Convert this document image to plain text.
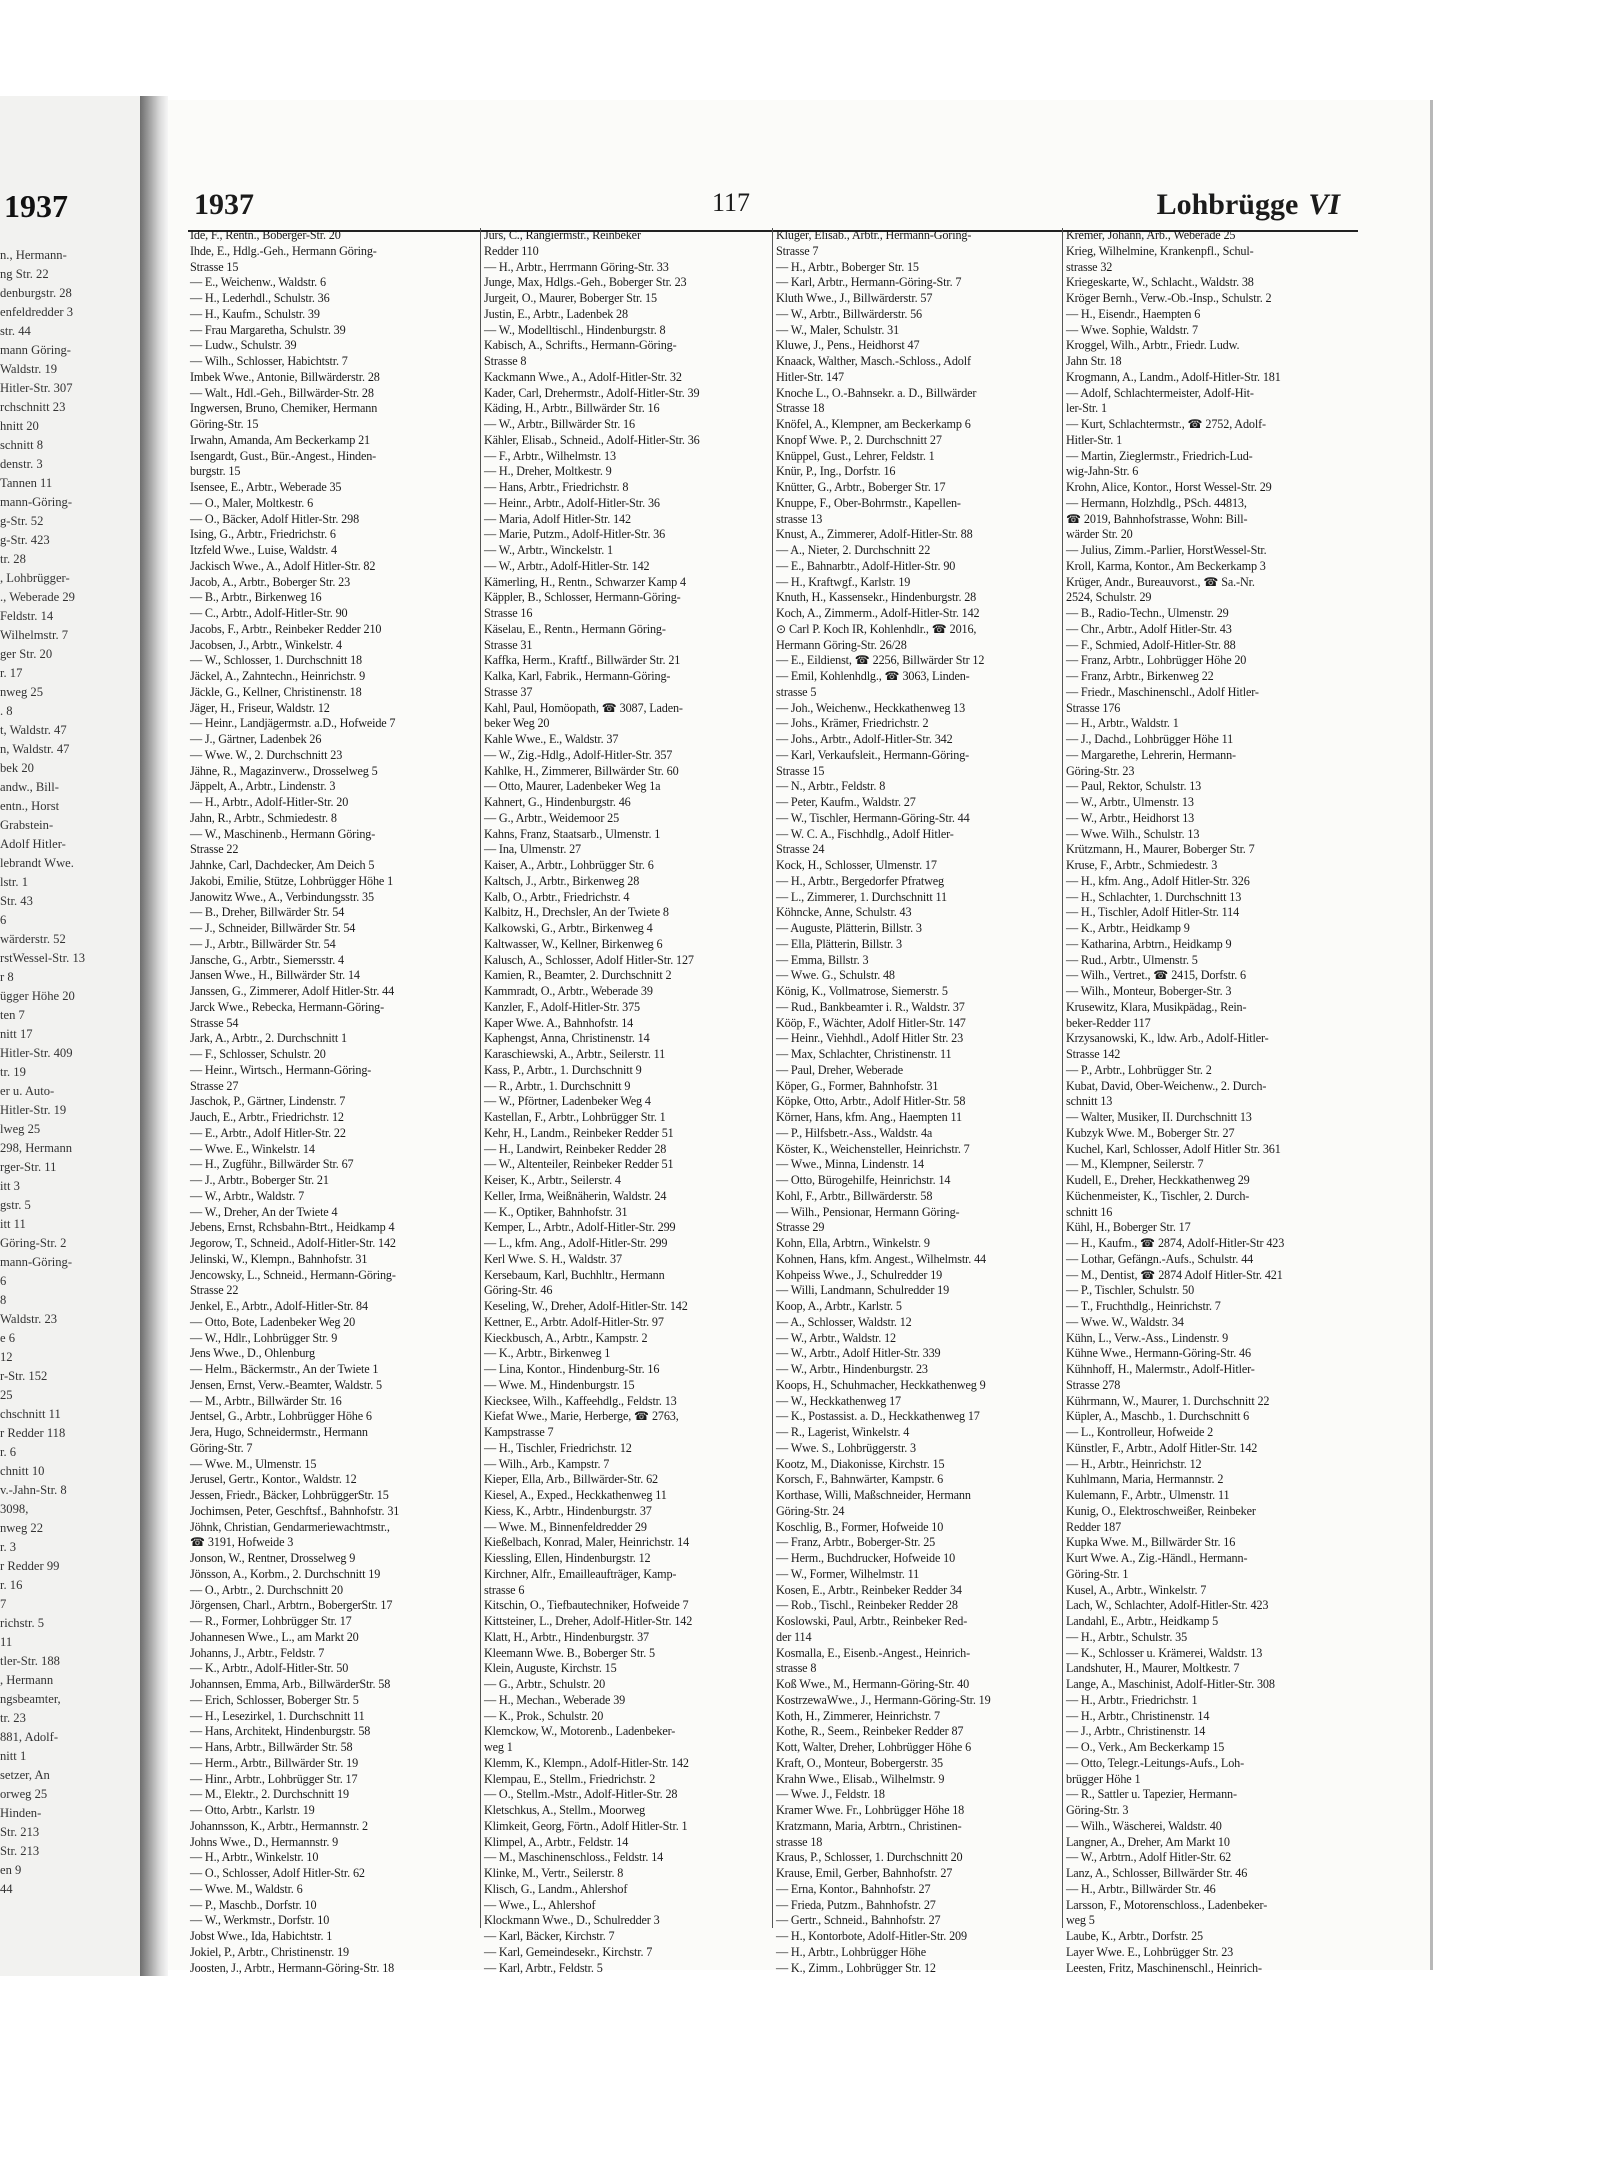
1937
n., Hermann-
ng Str. 22
denburgstr. 28
enfeldredder 3
str. 44
mann Göring-
Waldstr. 19
Hitler-Str. 307
rchschnitt 23
hnitt 20
schnitt 8
denstr. 3
Tannen 11
mann-Göring-
g-Str. 52
g-Str. 423
tr. 28
, Lohbrügger-
., Weberade 29
Feldstr. 14
Wilhelmstr. 7
ger Str. 20
r. 17
nweg 25
. 8
t, Waldstr. 47
n, Waldstr. 47
bek 20
andw., Bill-
entn., Horst
Grabstein-
Adolf Hitler-
lebrandt Wwe.
lstr. 1
Str. 43
6
wärderstr. 52
rstWessel-Str. 13
r 8
ügger Höhe 20
ten 7
nitt 17
Hitler-Str. 409
tr. 19
er u. Auto-
Hitler-Str. 19
lweg 25
298, Hermann
rger-Str. 11
itt 3
gstr. 5
itt 11
Göring-Str. 2
mann-Göring-
6
8
Waldstr. 23
e 6
12
r-Str. 152
25
chschnitt 11
r Redder 118
r. 6
chnitt 10
v.-Jahn-Str. 8
3098,
nweg 22
r. 3
r Redder 99
r. 16
7
richstr. 5
11
tler-Str. 188
, Hermann
ngsbeamter,
tr. 23
881, Adolf-
nitt 1
setzer, An
orweg 25
Hinden-
Str. 213
Str. 213
en 9
44
1937	117	Lohbrügge VI
Ide, F., Rentn., Boberger-Str. 20
Ihde, E., Hdlg.-Geh., Hermann Göring-
Strasse 15
— E., Weichenw., Waldstr. 6
— H., Lederhdl., Schulstr. 36
— H., Kaufm., Schulstr. 39
— Frau Margaretha, Schulstr. 39
— Ludw., Schulstr. 39
— Wilh., Schlosser, Habichtstr. 7
Imbek Wwe., Antonie, Billwärderstr. 28
— Walt., Hdl.-Geh., Billwärder-Str. 28
Ingwersen, Bruno, Chemiker, Hermann
Göring-Str. 15
Irwahn, Amanda, Am Beckerkamp 21
Isengardt, Gust., Bür.-Angest., Hinden-
burgstr. 15
Isensee, E., Arbtr., Weberade 35
— O., Maler, Moltkestr. 6
— O., Bäcker, Adolf Hitler-Str. 298
Ising, G., Arbtr., Friedrichstr. 6
Itzfeld Wwe., Luise, Waldstr. 4
Jackisch Wwe., A., Adolf Hitler-Str. 82
Jacob, A., Arbtr., Boberger Str. 23
— B., Arbtr., Birkenweg 16
— C., Arbtr., Adolf-Hitler-Str. 90
Jacobs, F., Arbtr., Reinbeker Redder 210
Jacobsen, J., Arbtr., Winkelstr. 4
— W., Schlosser, 1. Durchschnitt 18
Jäckel, A., Zahntechn., Heinrichstr. 9
Jäckle, G., Kellner, Christinenstr. 18
Jäger, H., Friseur, Waldstr. 12
— Heinr., Landjägermstr. a.D., Hofweide 7
— J., Gärtner, Ladenbek 26
— Wwe. W., 2. Durchschnitt 23
Jähne, R., Magazinverw., Drosselweg 5
Jäppelt, A., Arbtr., Lindenstr. 3
— H., Arbtr., Adolf-Hitler-Str. 20
Jahn, R., Arbtr., Schmiedestr. 8
— W., Maschinenb., Hermann Göring-
Strasse 22
Jahnke, Carl, Dachdecker, Am Deich 5
Jakobi, Emilie, Stütze, Lohbrügger Höhe 1
Janowitz Wwe., A., Verbindungsstr. 35
— B., Dreher, Billwärder Str. 54
— J., Schneider, Billwärder Str. 54
— J., Arbtr., Billwärder Str. 54
Jansche, G., Arbtr., Siemersstr. 4
Jansen Wwe., H., Billwärder Str. 14
Janssen, G., Zimmerer, Adolf Hitler-Str. 44
Jarck Wwe., Rebecka, Hermann-Göring-
Strasse 54
Jark, A., Arbtr., 2. Durchschnitt 1
— F., Schlosser, Schulstr. 20
— Heinr., Wirtsch., Hermann-Göring-
Strasse 27
Jaschok, P., Gärtner, Lindenstr. 7
Jauch, E., Arbtr., Friedrichstr. 12
— E., Arbtr., Adolf Hitler-Str. 22
— Wwe. E., Winkelstr. 14
— H., Zugführ., Billwärder Str. 67
— J., Arbtr., Boberger Str. 21
— W., Arbtr., Waldstr. 7
— W., Dreher, An der Twiete 4
Jebens, Ernst, Rchsbahn-Btrt., Heidkamp 4
Jegorow, T., Schneid., Adolf-Hitler-Str. 142
Jelinski, W., Klempn., Bahnhofstr. 31
Jencowsky, L., Schneid., Hermann-Göring-
Strasse 22
Jenkel, E., Arbtr., Adolf-Hitler-Str. 84
— Otto, Bote, Ladenbeker Weg 20
— W., Hdlr., Lohbrügger Str. 9
Jens Wwe., D., Ohlenburg
— Helm., Bäckermstr., An der Twiete 1
Jensen, Ernst, Verw.-Beamter, Waldstr. 5
— M., Arbtr., Billwärder Str. 16
Jentsel, G., Arbtr., Lohbrügger Höhe 6
Jera, Hugo, Schneidermstr., Hermann
Göring-Str. 7
— Wwe. M., Ulmenstr. 15
Jerusel, Gertr., Kontor., Waldstr. 12
Jessen, Friedr., Bäcker, LohbrüggerStr. 15
Jochimsen, Peter, Geschftsf., Bahnhofstr. 31
Jöhnk, Christian, Gendarmeriewachtmstr.,
☎ 3191, Hofweide 3
Jonson, W., Rentner, Drosselweg 9
Jönsson, A., Korbm., 2. Durchschnitt 19
— O., Arbtr., 2. Durchschnitt 20
Jörgensen, Charl., Arbtrn., BobergerStr. 17
— R., Former, Lohbrügger Str. 17
Johannesen Wwe., L., am Markt 20
Johanns, J., Arbtr., Feldstr. 7
— K., Arbtr., Adolf-Hitler-Str. 50
Johannsen, Emma, Arb., BillwärderStr. 58
— Erich, Schlosser, Boberger Str. 5
— H., Lesezirkel, 1. Durchschnitt 11
— Hans, Architekt, Hindenburgstr. 58
— Hans, Arbtr., Billwärder Str. 58
— Herm., Arbtr., Billwärder Str. 19
— Hinr., Arbtr., Lohbrügger Str. 17
— M., Elektr., 2. Durchschnitt 19
— Otto, Arbtr., Karlstr. 19
Johannsson, K., Arbtr., Hermannstr. 2
Johns Wwe., D., Hermannstr. 9
— H., Arbtr., Winkelstr. 10
— O., Schlosser, Adolf Hitler-Str. 62
— Wwe. M., Waldstr. 6
— P., Maschb., Dorfstr. 10
— W., Werkmstr., Dorfstr. 10
Jobst Wwe., Ida, Habichtstr. 1
Jokiel, P., Arbtr., Christinenstr. 19
Joosten, J., Arbtr., Hermann-Göring-Str. 18
Jürs, C., Rangiermstr., Reinbeker
Redder 110
— H., Arbtr., Herrmann Göring-Str. 33
Junge, Max, Hdlgs.-Geh., Boberger Str. 23
Jurgeit, O., Maurer, Boberger Str. 15
Justin, E., Arbtr., Ladenbek 28
— W., Modelltischl., Hindenburgstr. 8
Kabisch, A., Schrifts., Hermann-Göring-
Strasse 8
Kackmann Wwe., A., Adolf-Hitler-Str. 32
Kader, Carl, Drehermstr., Adolf-Hitler-Str. 39
Käding, H., Arbtr., Billwärder Str. 16
— W., Arbtr., Billwärder Str. 16
Kähler, Elisab., Schneid., Adolf-Hitler-Str. 36
— F., Arbtr., Wilhelmstr. 13
— H., Dreher, Moltkestr. 9
— Hans, Arbtr., Friedrichstr. 8
— Heinr., Arbtr., Adolf-Hitler-Str. 36
— Maria, Adolf Hitler-Str. 142
— Marie, Putzm., Adolf-Hitler-Str. 36
— W., Arbtr., Winckelstr. 1
— W., Arbtr., Adolf-Hitler-Str. 142
Kämerling, H., Rentn., Schwarzer Kamp 4
Käppler, B., Schlosser, Hermann-Göring-
Strasse 16
Käselau, E., Rentn., Hermann Göring-
Strasse 31
Kaffka, Herm., Kraftf., Billwärder Str. 21
Kalka, Karl, Fabrik., Hermann-Göring-
Strasse 37
Kahl, Paul, Homöopath, ☎ 3087, Laden-
beker Weg 20
Kahle Wwe., E., Waldstr. 37
— W., Zig.-Hdlg., Adolf-Hitler-Str. 357
Kahlke, H., Zimmerer, Billwärder Str. 60
— Otto, Maurer, Ladenbeker Weg 1a
Kahnert, G., Hindenburgstr. 46
— G., Arbtr., Weidemoor 25
Kahns, Franz, Staatsarb., Ulmenstr. 1
— Ina, Ulmenstr. 27
Kaiser, A., Arbtr., Lohbrügger Str. 6
Kaltsch, J., Arbtr., Birkenweg 28
Kalb, O., Arbtr., Friedrichstr. 4
Kalbitz, H., Drechsler, An der Twiete 8
Kalkowski, G., Arbtr., Birkenweg 4
Kaltwasser, W., Kellner, Birkenweg 6
Kalusch, A., Schlosser, Adolf Hitler-Str. 127
Kamien, R., Beamter, 2. Durchschnitt 2
Kammradt, O., Arbtr., Weberade 39
Kanzler, F., Adolf-Hitler-Str. 375
Kaper Wwe. A., Bahnhofstr. 14
Kaphengst, Anna, Christinenstr. 14
Karaschiewski, A., Arbtr., Seilerstr. 11
Kass, P., Arbtr., 1. Durchschnitt 9
— R., Arbtr., 1. Durchschnitt 9
— W., Pförtner, Ladenbeker Weg 4
Kastellan, F., Arbtr., Lohbrügger Str. 1
Kehr, H., Landm., Reinbeker Redder 51
— H., Landwirt, Reinbeker Redder 28
— W., Altenteiler, Reinbeker Redder 51
Keiser, K., Arbtr., Seilerstr. 4
Keller, Irma, Weißnäherin, Waldstr. 24
— K., Optiker, Bahnhofstr. 31
Kemper, L., Arbtr., Adolf-Hitler-Str. 299
— L., kfm. Ang., Adolf-Hitler-Str. 299
Kerl Wwe. S. H., Waldstr. 37
Kersebaum, Karl, Buchhltr., Hermann
Göring-Str. 46
Keseling, W., Dreher, Adolf-Hitler-Str. 142
Kettner, E., Arbtr. Adolf-Hitler-Str. 97
Kieckbusch, A., Arbtr., Kampstr. 2
— K., Arbtr., Birkenweg 1
— Lina, Kontor., Hindenburg-Str. 16
— Wwe. M., Hindenburgstr. 15
Kiecksee, Wilh., Kaffeehdlg., Feldstr. 13
Kiefat Wwe., Marie, Herberge, ☎ 2763,
Kampstrasse 7
— H., Tischler, Friedrichstr. 12
— Wilh., Arb., Kampstr. 7
Kieper, Ella, Arb., Billwärder-Str. 62
Kiesel, A., Exped., Heckkathenweg 11
Kiess, K., Arbtr., Hindenburgstr. 37
— Wwe. M., Binnenfeldredder 29
Kießelbach, Konrad, Maler, Heinrichstr. 14
Kiessling, Ellen, Hindenburgstr. 12
Kirchner, Alfr., Emailleaufträger, Kamp-
strasse 6
Kitschin, O., Tiefbautechniker, Hofweide 7
Kittsteiner, L., Dreher, Adolf-Hitler-Str. 142
Klatt, H., Arbtr., Hindenburgstr. 37
Kleemann Wwe. B., Boberger Str. 5
Klein, Auguste, Kirchstr. 15
— G., Arbtr., Schulstr. 20
— H., Mechan., Weberade 39
— K., Prok., Schulstr. 20
Klemckow, W., Motorenb., Ladenbeker-
weg 1
Klemm, K., Klempn., Adolf-Hitler-Str. 142
Klempau, E., Stellm., Friedrichstr. 2
— O., Stellm.-Mstr., Adolf-Hitler-Str. 28
Kletschkus, A., Stellm., Moorweg
Klimkeit, Georg, Förtn., Adolf Hitler-Str. 1
Klimpel, A., Arbtr., Feldstr. 14
— M., Maschinenschloss., Feldstr. 14
Klinke, M., Vertr., Seilerstr. 8
Klisch, G., Landm., Ahlershof
— Wwe., L., Ahlershof
Klockmann Wwe., D., Schulredder 3
— Karl, Bäcker, Kirchstr. 7
— Karl, Gemeindesekr., Kirchstr. 7
— Karl, Arbtr., Feldstr. 5
Kluger, Elisab., Arbtr., Hermann-Göring-
Strasse 7
— H., Arbtr., Boberger Str. 15
— Karl, Arbtr., Hermann-Göring-Str. 7
Kluth Wwe., J., Billwärderstr. 57
— W., Arbtr., Billwärderstr. 56
— W., Maler, Schulstr. 31
Kluwe, J., Pens., Heidhorst 47
Knaack, Walther, Masch.-Schloss., Adolf
Hitler-Str. 147
Knoche L., O.-Bahnsekr. a. D., Billwärder
Strasse 18
Knöfel, A., Klempner, am Beckerkamp 6
Knopf Wwe. P., 2. Durchschnitt 27
Knüppel, Gust., Lehrer, Feldstr. 1
Knür, P., Ing., Dorfstr. 16
Knütter, G., Arbtr., Boberger Str. 17
Knuppe, F., Ober-Bohrmstr., Kapellen-
strasse 13
Knust, A., Zimmerer, Adolf-Hitler-Str. 88
— A., Nieter, 2. Durchschnitt 22
— E., Bahnarbtr., Adolf-Hitler-Str. 90
— H., Kraftwgf., Karlstr. 19
Knuth, H., Kassensekr., Hindenburgstr. 28
Koch, A., Zimmerm., Adolf-Hitler-Str. 142
⊙ Carl P. Koch IR, Kohlenhdlr., ☎ 2016,
Hermann Göring-Str. 26/28
— E., Eildienst, ☎ 2256, Billwärder Str 12
— Emil, Kohlenhdlg., ☎ 3063, Linden-
strasse 5
— Joh., Weichenw., Heckkathenweg 13
— Johs., Krämer, Friedrichstr. 2
— Johs., Arbtr., Adolf-Hitler-Str. 342
— Karl, Verkaufsleit., Hermann-Göring-
Strasse 15
— N., Arbtr., Feldstr. 8
— Peter, Kaufm., Waldstr. 27
— W., Tischler, Hermann-Göring-Str. 44
— W. C. A., Fischhdlg., Adolf Hitler-
Strasse 24
Kock, H., Schlosser, Ulmenstr. 17
— H., Arbtr., Bergedorfer Pfratweg
— L., Zimmerer, 1. Durchschnitt 11
Köhncke, Anne, Schulstr. 43
— Auguste, Plätterin, Billstr. 3
— Ella, Plätterin, Billstr. 3
— Emma, Billstr. 3
— Wwe. G., Schulstr. 48
König, K., Vollmatrose, Siemerstr. 5
— Rud., Bankbeamter i. R., Waldstr. 37
Kööp, F., Wächter, Adolf Hitler-Str. 147
— Heinr., Viehhdl., Adolf Hitler Str. 23
— Max, Schlachter, Christinenstr. 11
— Paul, Dreher, Weberade
Köper, G., Former, Bahnhofstr. 31
Köpke, Otto, Arbtr., Adolf Hitler-Str. 58
Körner, Hans, kfm. Ang., Haempten 11
— P., Hilfsbetr.-Ass., Waldstr. 4a
Köster, K., Weichensteller, Heinrichstr. 7
— Wwe., Minna, Lindenstr. 14
— Otto, Bürogehilfe, Heinrichstr. 14
Kohl, F., Arbtr., Billwärderstr. 58
— Wilh., Pensionar, Hermann Göring-
Strasse 29
Kohn, Ella, Arbtrn., Winkelstr. 9
Kohnen, Hans, kfm. Angest., Wilhelmstr. 44
Kohpeiss Wwe., J., Schulredder 19
— Willi, Landmann, Schulredder 19
Koop, A., Arbtr., Karlstr. 5
— A., Schlosser, Waldstr. 12
— W., Arbtr., Waldstr. 12
— W., Arbtr., Adolf Hitler-Str. 339
— W., Arbtr., Hindenburgstr. 23
Koops, H., Schuhmacher, Heckkathenweg 9
— W., Heckkathenweg 17
— K., Postassist. a. D., Heckkathenweg 17
— R., Lagerist, Winkelstr. 4
— Wwe. S., Lohbrüggerstr. 3
Kootz, M., Diakonisse, Kirchstr. 15
Korsch, F., Bahnwärter, Kampstr. 6
Korthase, Willi, Maßschneider, Hermann
Göring-Str. 24
Koschlig, B., Former, Hofweide 10
— Franz, Arbtr., Boberger-Str. 25
— Herm., Buchdrucker, Hofweide 10
— W., Former, Wilhelmstr. 11
Kosen, E., Arbtr., Reinbeker Redder 34
— Rob., Tischl., Reinbeker Redder 28
Koslowski, Paul, Arbtr., Reinbeker Red-
der 114
Kosmalla, E., Eisenb.-Angest., Heinrich-
strasse 8
Koß Wwe., M., Hermann-Göring-Str. 40
KostrzewaWwe., J., Hermann-Göring-Str. 19
Koth, H., Zimmerer, Heinrichstr. 7
Kothe, R., Seem., Reinbeker Redder 87
Kott, Walter, Dreher, Lohbrügger Höhe 6
Kraft, O., Monteur, Bobergerstr. 35
Krahn Wwe., Elisab., Wilhelmstr. 9
— Wwe. J., Feldstr. 18
Kramer Wwe. Fr., Lohbrügger Höhe 18
Kratzmann, Maria, Arbtrn., Christinen-
strasse 18
Kraus, P., Schlosser, 1. Durchschnitt 20
Krause, Emil, Gerber, Bahnhofstr. 27
— Erna, Kontor., Bahnhofstr. 27
— Frieda, Putzm., Bahnhofstr. 27
— Gertr., Schneid., Bahnhofstr. 27
— H., Kontorbote, Adolf-Hitler-Str. 209
— H., Arbtr., Lohbrügger Höhe
— K., Zimm., Lohbrügger Str. 12
Kremer, Johann, Arb., Weberade 25
Krieg, Wilhelmine, Krankenpfl., Schul-
strasse 32
Kriegeskarte, W., Schlacht., Waldstr. 38
Kröger Bernh., Verw.-Ob.-Insp., Schulstr. 2
— H., Eisendr., Haempten 6
— Wwe. Sophie, Waldstr. 7
Kroggel, Wilh., Arbtr., Friedr. Ludw.
Jahn Str. 18
Krogmann, A., Landm., Adolf-Hitler-Str. 181
— Adolf, Schlachtermeister, Adolf-Hit-
ler-Str. 1
— Kurt, Schlachtermstr., ☎ 2752, Adolf-
Hitler-Str. 1
— Martin, Zieglermstr., Friedrich-Lud-
wig-Jahn-Str. 6
Krohn, Alice, Kontor., Horst Wessel-Str. 29
— Hermann, Holzhdlg., PSch. 44813,
☎ 2019, Bahnhofstrasse, Wohn: Bill-
wärder Str. 20
— Julius, Zimm.-Parlier, HorstWessel-Str.
Kroll, Karma, Kontor., Am Beckerkamp 3
Krüger, Andr., Bureauvorst., ☎ Sa.-Nr.
2524, Schulstr. 29
— B., Radio-Techn., Ulmenstr. 29
— Chr., Arbtr., Adolf Hitler-Str. 43
— F., Schmied, Adolf-Hitler-Str. 88
— Franz, Arbtr., Lohbrügger Höhe 20
— Franz, Arbtr., Birkenweg 22
— Friedr., Maschinenschl., Adolf Hitler-
Strasse 176
— H., Arbtr., Waldstr. 1
— J., Dachd., Lohbrügger Höhe 11
— Margarethe, Lehrerin, Hermann-
Göring-Str. 23
— Paul, Rektor, Schulstr. 13
— W., Arbtr., Ulmenstr. 13
— W., Arbtr., Heidhorst 13
— Wwe. Wilh., Schulstr. 13
Krützmann, H., Maurer, Boberger Str. 7
Kruse, F., Arbtr., Schmiedestr. 3
— H., kfm. Ang., Adolf Hitler-Str. 326
— H., Schlachter, 1. Durchschnitt 13
— H., Tischler, Adolf Hitler-Str. 114
— K., Arbtr., Heidkamp 9
— Katharina, Arbtrn., Heidkamp 9
— Rud., Arbtr., Ulmenstr. 5
— Wilh., Vertret., ☎ 2415, Dorfstr. 6
— Wilh., Monteur, Boberger-Str. 3
Krusewitz, Klara, Musikpädag., Rein-
beker-Redder 117
Krzysanowski, K., ldw. Arb., Adolf-Hitler-
Strasse 142
— P., Arbtr., Lohbrügger Str. 2
Kubat, David, Ober-Weichenw., 2. Durch-
schnitt 13
— Walter, Musiker, II. Durchschnitt 13
Kubzyk Wwe. M., Boberger Str. 27
Kuchel, Karl, Schlosser, Adolf Hitler Str. 361
— M., Klempner, Seilerstr. 7
Kudell, E., Dreher, Heckkathenweg 29
Küchenmeister, K., Tischler, 2. Durch-
schnitt 16
Kühl, H., Boberger Str. 17
— H., Kaufm., ☎ 2874, Adolf-Hitler-Str 423
— Lothar, Gefängn.-Aufs., Schulstr. 44
— M., Dentist, ☎ 2874 Adolf Hitler-Str. 421
— P., Tischler, Schulstr. 50
— T., Fruchthdlg., Heinrichstr. 7
— Wwe. W., Waldstr. 34
Kühn, L., Verw.-Ass., Lindenstr. 9
Kühne Wwe., Hermann-Göring-Str. 46
Kühnhoff, H., Malermstr., Adolf-Hitler-
Strasse 278
Kührmann, W., Maurer, 1. Durchschnitt 22
Küpler, A., Maschb., 1. Durchschnitt 6
— L., Kontrolleur, Hofweide 2
Künstler, F., Arbtr., Adolf Hitler-Str. 142
— H., Arbtr., Heinrichstr. 12
Kuhlmann, Maria, Hermannstr. 2
Kulemann, F., Arbtr., Ulmenstr. 11
Kunig, O., Elektroschweißer, Reinbeker
Redder 187
Kupka Wwe. M., Billwärder Str. 16
Kurt Wwe. A., Zig.-Händl., Hermann-
Göring-Str. 1
Kusel, A., Arbtr., Winkelstr. 7
Lach, W., Schlachter, Adolf-Hitler-Str. 423
Landahl, E., Arbtr., Heidkamp 5
— H., Arbtr., Schulstr. 35
— K., Schlosser u. Krämerei, Waldstr. 13
Landshuter, H., Maurer, Moltkestr. 7
Lange, A., Maschinist, Adolf-Hitler-Str. 308
— H., Arbtr., Friedrichstr. 1
— H., Arbtr., Christinenstr. 14
— J., Arbtr., Christinenstr. 14
— O., Verk., Am Beckerkamp 15
— Otto, Telegr.-Leitungs-Aufs., Loh-
brügger Höhe 1
— R., Sattler u. Tapezier, Hermann-
Göring-Str. 3
— Wilh., Wäscherei, Waldstr. 40
Langner, A., Dreher, Am Markt 10
— W., Arbtrn., Adolf Hitler-Str. 62
Lanz, A., Schlosser, Billwärder Str. 46
— H., Arbtr., Billwärder Str. 46
Larsson, F., Motorenschloss., Ladenbeker-
weg 5
Laube, K., Arbtr., Dorfstr. 25
Layer Wwe. E., Lohbrügger Str. 23
Leesten, Fritz, Maschinenschl., Heinrich-
